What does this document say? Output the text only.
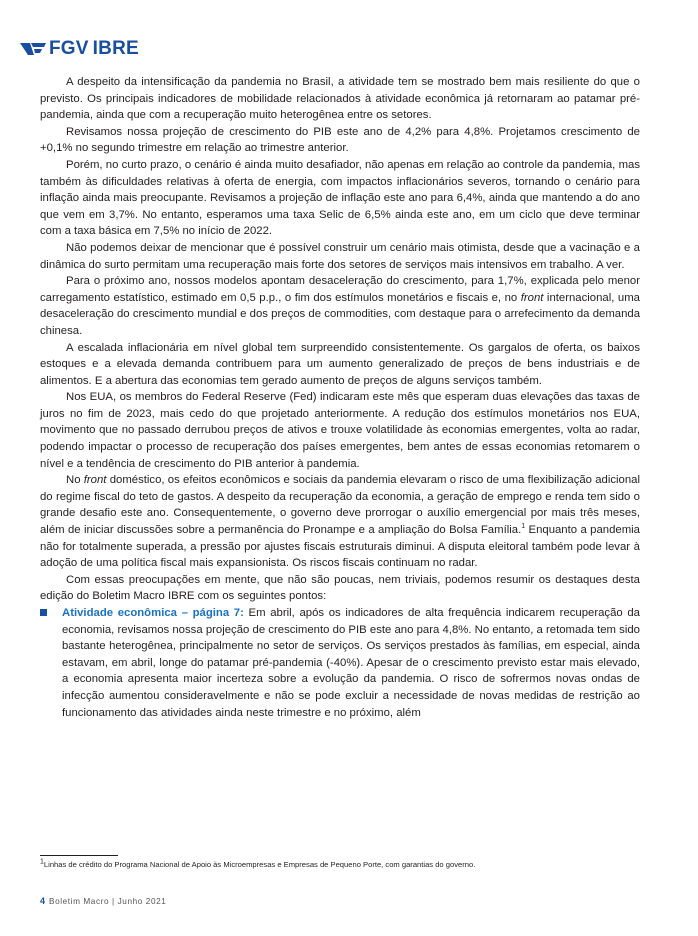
FGV IBRE

A despeito da intensificação da pandemia no Brasil, a atividade tem se mostrado bem mais resiliente do que o previsto. Os principais indicadores de mobilidade relacionados à atividade econômica já retornaram ao patamar pré-pandemia, ainda que com a recuperação muito heterogênea entre os setores.

Revisamos nossa projeção de crescimento do PIB este ano de 4,2% para 4,8%. Projetamos crescimento de +0,1% no segundo trimestre em relação ao trimestre anterior.

Porém, no curto prazo, o cenário é ainda muito desafiador, não apenas em relação ao controle da pandemia, mas também às dificuldades relativas à oferta de energia, com impactos inflacionários severos, tornando o cenário para inflação ainda mais preocupante. Revisamos a projeção de inflação este ano para 6,4%, ainda que mantendo a do ano que vem em 3,7%. No entanto, esperamos uma taxa Selic de 6,5% ainda este ano, em um ciclo que deve terminar com a taxa básica em 7,5% no início de 2022.

Não podemos deixar de mencionar que é possível construir um cenário mais otimista, desde que a vacinação e a dinâmica do surto permitam uma recuperação mais forte dos setores de serviços mais intensivos em trabalho. A ver.

Para o próximo ano, nossos modelos apontam desaceleração do crescimento, para 1,7%, explicada pelo menor carregamento estatístico, estimado em 0,5 p.p., o fim dos estímulos monetários e fiscais e, no front internacional, uma desaceleração do crescimento mundial e dos preços de commodities, com destaque para o arrefecimento da demanda chinesa.

A escalada inflacionária em nível global tem surpreendido consistentemente. Os gargalos de oferta, os baixos estoques e a elevada demanda contribuem para um aumento generalizado de preços de bens industriais e de alimentos. E a abertura das economias tem gerado aumento de preços de alguns serviços também.

Nos EUA, os membros do Federal Reserve (Fed) indicaram este mês que esperam duas elevações das taxas de juros no fim de 2023, mais cedo do que projetado anteriormente. A redução dos estímulos monetários nos EUA, movimento que no passado derrubou preços de ativos e trouxe volatilidade às economias emergentes, volta ao radar, podendo impactar o processo de recuperação dos países emergentes, bem antes de essas economias retomarem o nível e a tendência de crescimento do PIB anterior à pandemia.

No front doméstico, os efeitos econômicos e sociais da pandemia elevaram o risco de uma flexibilização adicional do regime fiscal do teto de gastos. A despeito da recuperação da economia, a geração de emprego e renda tem sido o grande desafio este ano. Consequentemente, o governo deve prorrogar o auxílio emergencial por mais três meses, além de iniciar discussões sobre a permanência do Pronampe e a ampliação do Bolsa Família.$^1$ Enquanto a pandemia não for totalmente superada, a pressão por ajustes fiscais estruturais diminui. A disputa eleitoral também pode levar à adoção de uma política fiscal mais expansionista. Os riscos fiscais continuam no radar.

Com essas preocupações em mente, que não são poucas, nem triviais, podemos resumir os destaques desta edição do Boletim Macro IBRE com os seguintes pontos:

Atividade econômica – página 7: Em abril, após os indicadores de alta frequência indicarem recuperação da economia, revisamos nossa projeção de crescimento do PIB este ano para 4,8%. No entanto, a retomada tem sido bastante heterogênea, principalmente no setor de serviços. Os serviços prestados às famílias, em especial, ainda estavam, em abril, longe do patamar pré-pandemia (-40%). Apesar de o crescimento previsto estar mais elevado, a economia apresenta maior incerteza sobre a evolução da pandemia. O risco de sofrermos novas ondas de infecção aumentou consideravelmente e não se pode excluir a necessidade de novas medidas de restrição ao funcionamento das atividades ainda neste trimestre e no próximo, além
$^1$Linhas de crédito do Programa Nacional de Apoio às Microempresas e Empresas de Pequeno Porte, com garantias do governo.
4 Boletim Macro | Junho 2021
